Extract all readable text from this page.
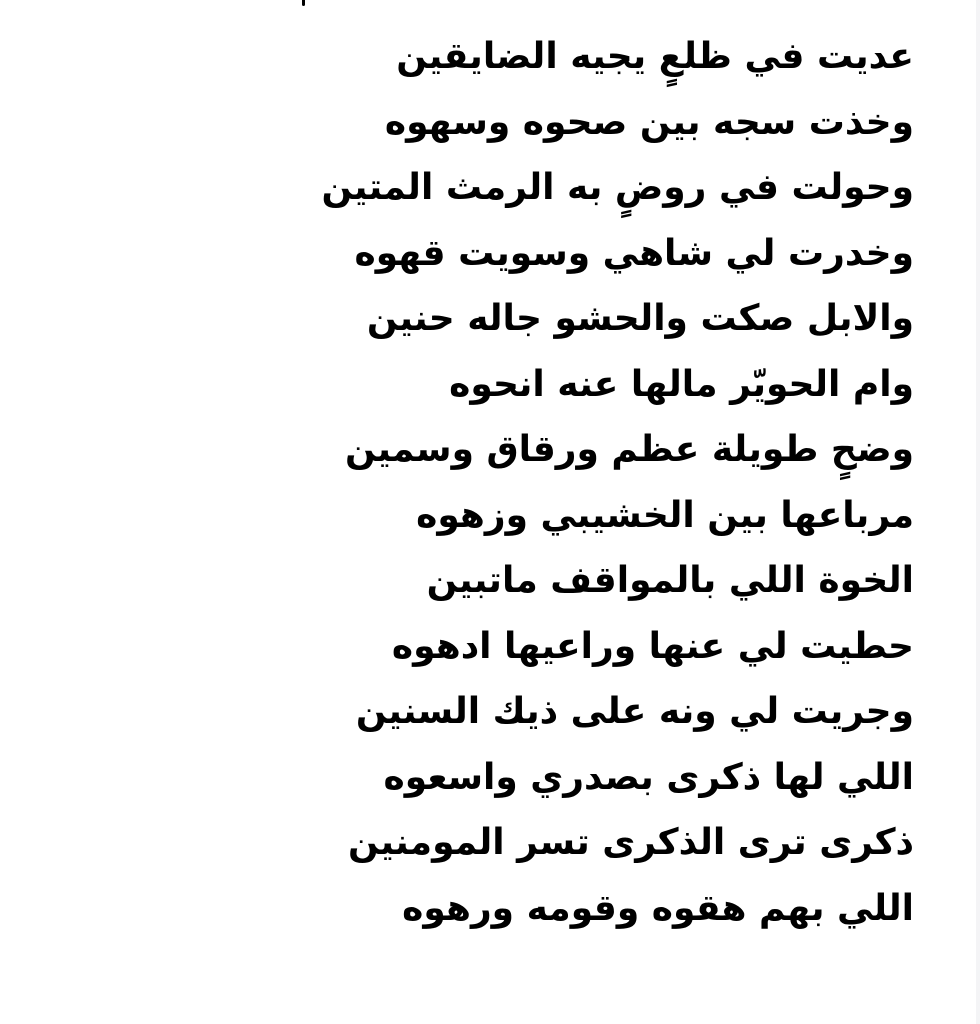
عديت في ظلعٍ يجيه الضايقين
وخذت سجه بين صحوه وسهوه
وحولت في روضٍ به الرمث المتين
وخدرت لي شاهي وسويت قهوه
والابل صكت والحشو جاله حنين
وام الحويّر مالها عنه انحوه
وضحٍ طويلة عظم ورقاق وسمين
مرباعها بين الخشيبي وزهوه
الخوة اللي بالمواقف ماتبين
حطيت لي عنها وراعيها ادهوه
وجريت لي ونه على ذيك السنين
اللي لها ذكرى بصدري واسعوه
ذكرى ترى الذكرى تسر المومنين
اللي بهم هقوه وقومه ورهوه
